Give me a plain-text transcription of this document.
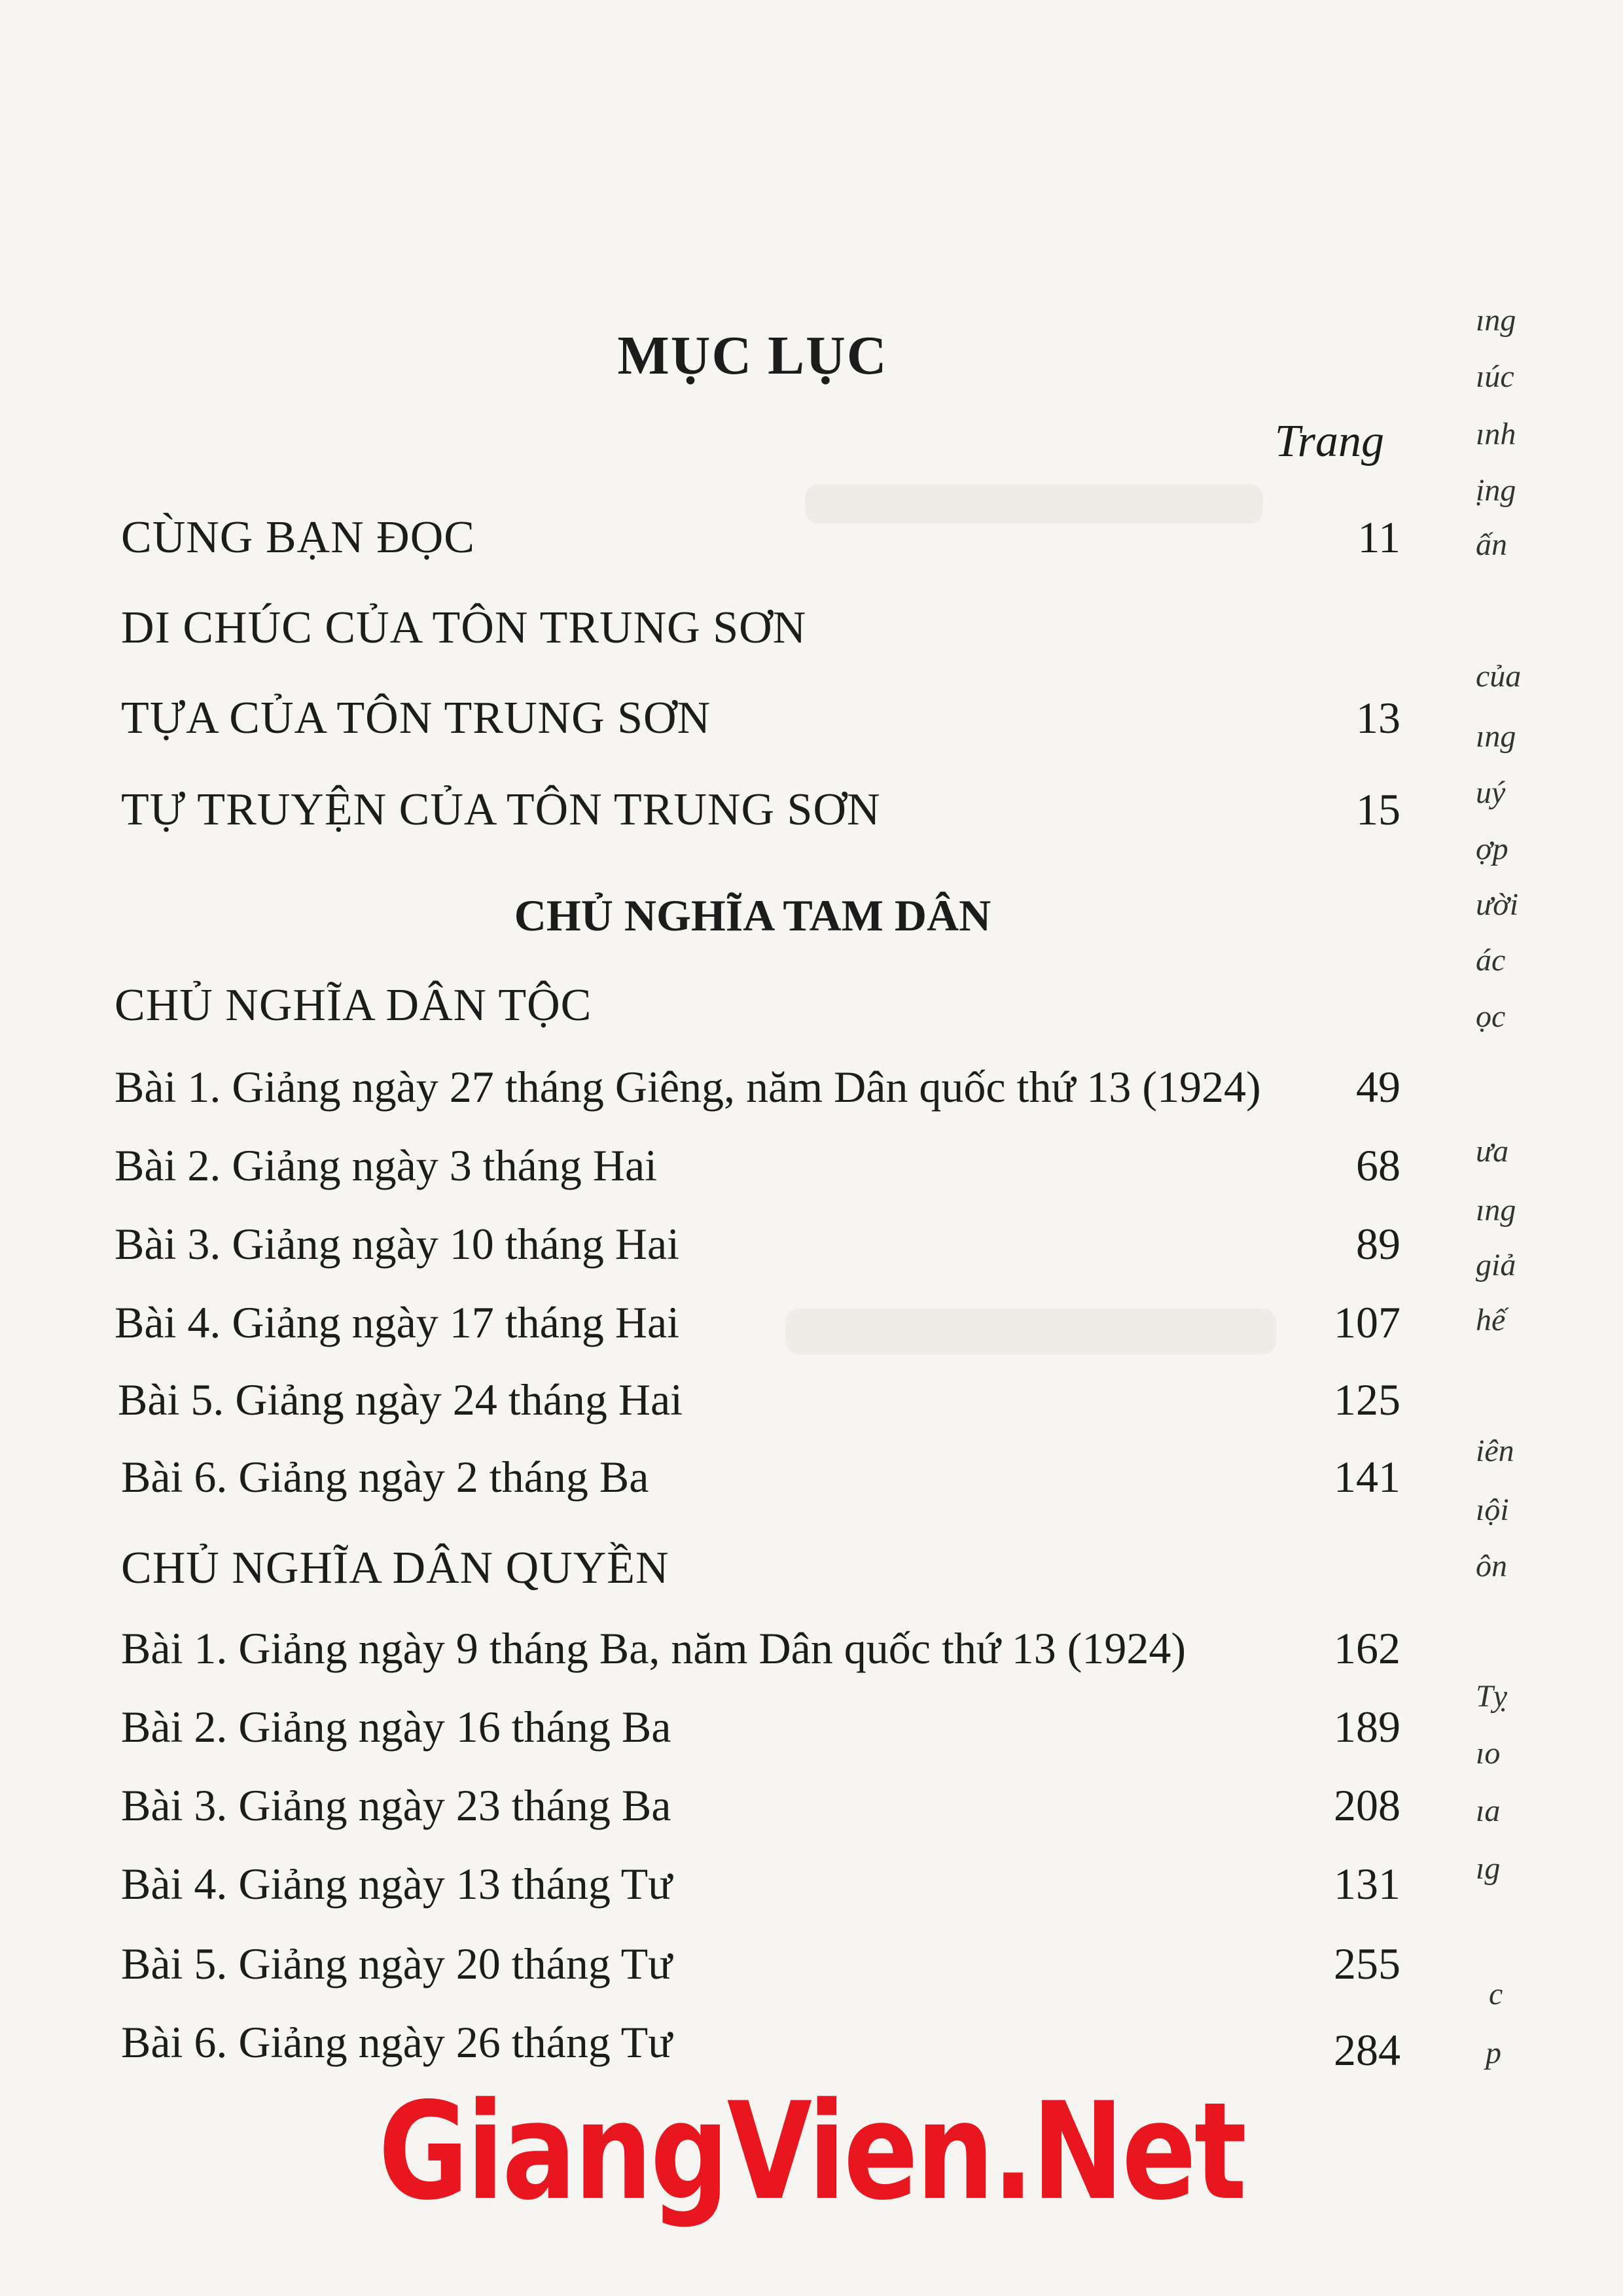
MỤC LỤC
Trang
CÙNG BẠN ĐỌC	11
DI CHÚC CỦA TÔN TRUNG SƠN
TỰA CỦA TÔN TRUNG SƠN	13
TỰ TRUYỆN CỦA TÔN TRUNG SƠN	15
CHỦ NGHĨA TAM DÂN
CHỦ NGHĨA DÂN TỘC
Bài 1. Giảng ngày 27 tháng Giêng, năm Dân quốc thứ 13 (1924)	49
Bài 2. Giảng ngày 3 tháng Hai	68
Bài 3. Giảng ngày 10 tháng Hai	89
Bài 4. Giảng ngày 17 tháng Hai	107
Bài 5. Giảng ngày 24 tháng Hai	125
Bài 6. Giảng ngày 2 tháng Ba	141
CHỦ NGHĨA DÂN QUYỀN
Bài 1. Giảng ngày 9 tháng Ba, năm Dân quốc thứ 13 (1924)	162
Bài 2. Giảng ngày 16 tháng Ba	189
Bài 3. Giảng ngày 23 tháng Ba	208
Bài 4. Giảng ngày 13 tháng Tư	131
Bài 5. Giảng ngày 20 tháng Tư	255
Bài 6. Giảng ngày 26 tháng Tư	284
ıng
ıúc
ınh
ịng
ấn
của
ıng
uý
ợp
ười
ác
ọc
ưa
ıng
giả
hế
iên
ıội
ôn
Tỵ
ıo
ıa
ıg
c
p
GiangVien.Net
